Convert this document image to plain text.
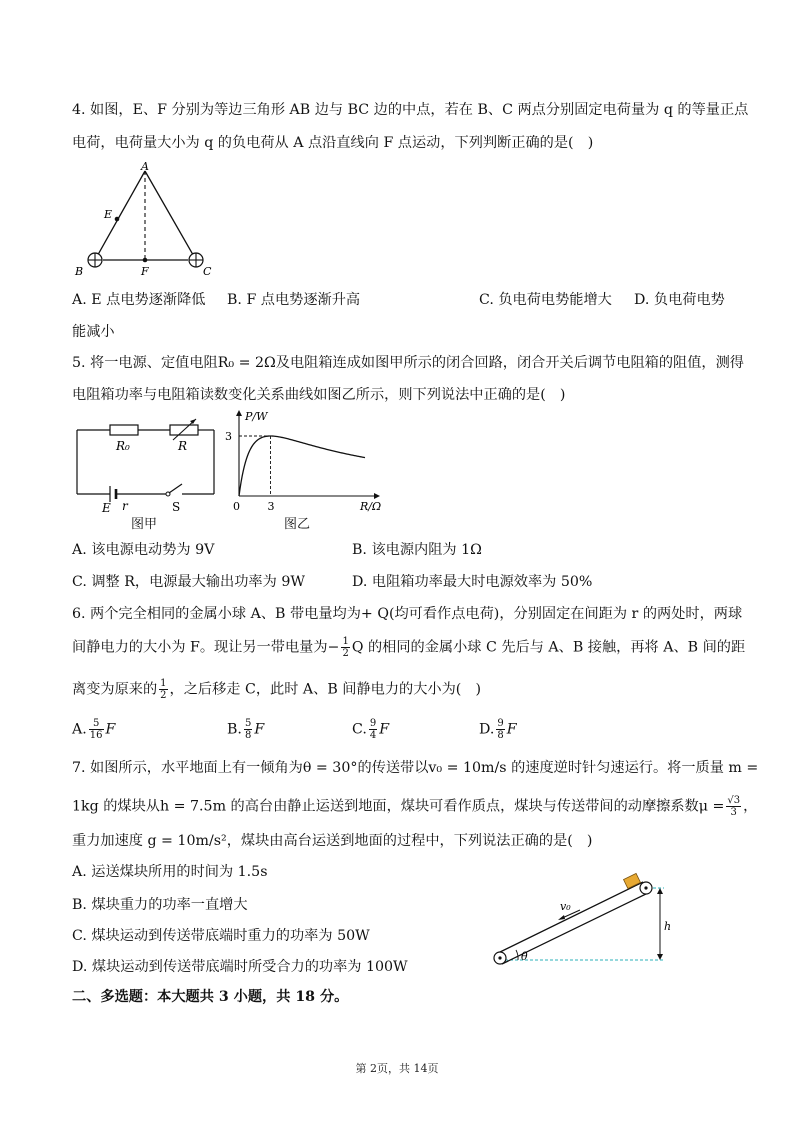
4. 如图，E、F 分别为等边三角形 AB 边与 BC 边的中点，若在 B、C 两点分别固定电荷量为 q 的等量正点
电荷，电荷量大小为 q 的负电荷从 A 点沿直线向 F 点运动，下列判断正确的是(　)
A
E
B	F	C
A. E 点电势逐渐降低 B. F 点电势逐渐升高	C. 负电荷电势能增大 D. 负电荷电势
能减小
5. 将一电源、定值电阻R₀ = 2Ω及电阻箱连成如图甲所示的闭合回路，闭合开关后调节电阻箱的阻值，测得
电阻箱功率与电阻箱读数变化关系曲线如图乙所示，则下列说法中正确的是(　)
R₀	R
E r	S
图甲
3
0	3
P/W
R/Ω
图乙
A. 该电源电动势为 9V	B. 该电源内阻为 1Ω
C. 调整 R，电源最大输出功率为 9W	D. 电阻箱功率最大时电源效率为 50%
6. 两个完全相同的金属小球 A、B 带电量均为+ Q(均可看作点电荷)，分别固定在间距为 r 的两处时，两球
间静电力的大小为 F。现让另一带电量为− $\frac{1}{2}$ Q 的相同的金属小球 C 先后与 A、B 接触，再将 A、B 间的距
离变为原来的 $\frac{1}{2}$ ，之后移走 C，此时 A、B 间静电力的大小为(　)
A. $\frac{5}{16}$ F	B. $\frac{5}{8}$ F	C. $\frac{9}{4}$ F	D. $\frac{9}{8}$ F
7. 如图所示，水平地面上有一倾角为θ = 30°的传送带以v₀ = 10m/s 的速度逆时针匀速运行。将一质量 m =
1kg 的煤块从h = 7.5m 的高台由静止运送到地面，煤块可看作质点，煤块与传送带间的动摩擦系数$\mu = \frac{√3}{3}$ ，
重力加速度 g = 10m/s²，煤块由高台运送到地面的过程中，下列说法正确的是(　)
A. 运送煤块所用的时间为 1.5s
B. 煤块重力的功率一直增大
C. 煤块运动到传送带底端时重力的功率为 50W
D. 煤块运动到传送带底端时所受合力的功率为 100W
v₀
h
θ
二、多选题：本大题共 3 小题，共 18 分。
第 2页，共 14页
